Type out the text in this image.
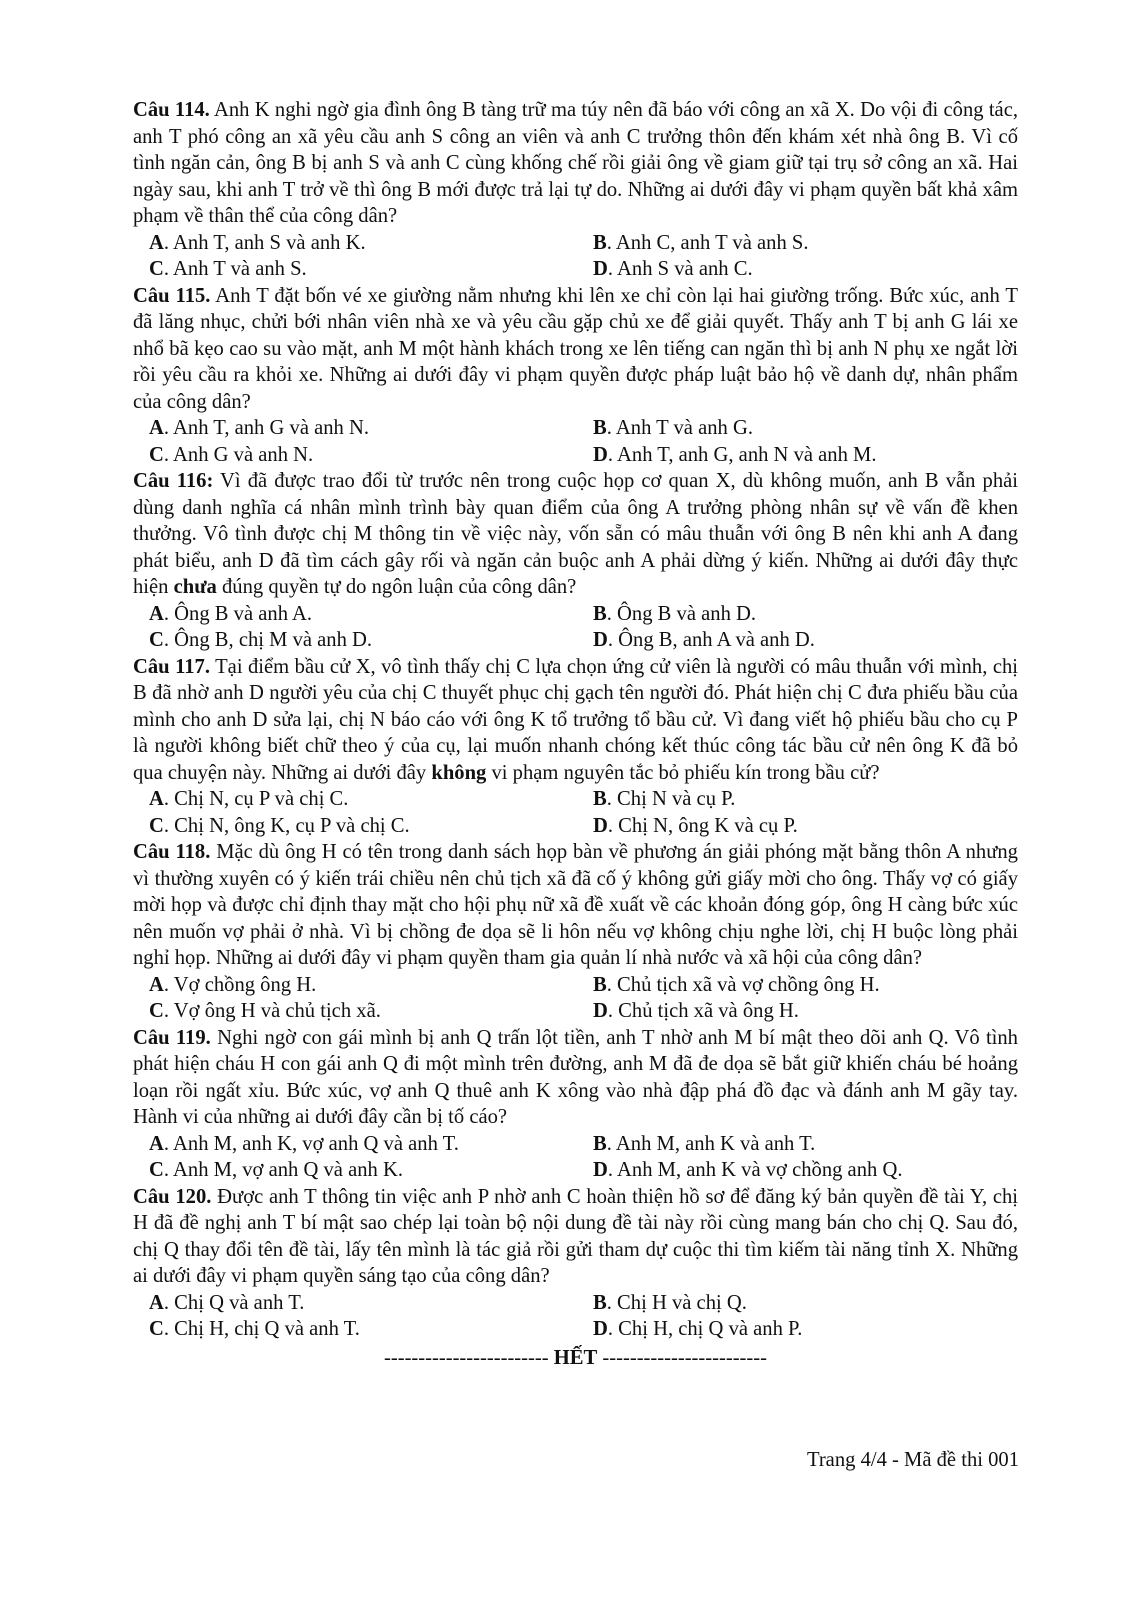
Câu 114. Anh K nghi ngờ gia đình ông B tàng trữ ma túy nên đã báo với công an xã X. Do vội đi công tác, anh T phó công an xã yêu cầu anh S công an viên và anh C trưởng thôn đến khám xét nhà ông B. Vì cố tình ngăn cản, ông B bị anh S và anh C cùng khống chế rồi giải ông về giam giữ tại trụ sở công an xã. Hai ngày sau, khi anh T trở về thì ông B mới được trả lại tự do. Những ai dưới đây vi phạm quyền bất khả xâm phạm về thân thể của công dân?

A. Anh T, anh S và anh K.	B. Anh C, anh T và anh S.

C. Anh T và anh S.	D. Anh S và anh C.

Câu 115. Anh T đặt bốn vé xe giường nằm nhưng khi lên xe chỉ còn lại hai giường trống. Bức xúc, anh T đã lăng nhục, chửi bới nhân viên nhà xe và yêu cầu gặp chủ xe để giải quyết. Thấy anh T bị anh G lái xe nhổ bã kẹo cao su vào mặt, anh M một hành khách trong xe lên tiếng can ngăn thì bị anh N phụ xe ngắt lời rồi yêu cầu ra khỏi xe. Những ai dưới đây vi phạm quyền được pháp luật bảo hộ về danh dự, nhân phẩm của công dân?

A. Anh T, anh G và anh N.	B. Anh T và anh G.

C. Anh G và anh N.	D. Anh T, anh G, anh N và anh M.

Câu 116: Vì đã được trao đổi từ trước nên trong cuộc họp cơ quan X, dù không muốn, anh B vẫn phải dùng danh nghĩa cá nhân mình trình bày quan điểm của ông A trưởng phòng nhân sự về vấn đề khen thưởng. Vô tình được chị M thông tin về việc này, vốn sẵn có mâu thuẫn với ông B nên khi anh A đang phát biểu, anh D đã tìm cách gây rối và ngăn cản buộc anh A phải dừng ý kiến. Những ai dưới đây thực hiện chưa đúng quyền tự do ngôn luận của công dân?

A. Ông B và anh A.	B. Ông B và anh D.

C. Ông B, chị M và anh D.	D. Ông B, anh A và anh D.

Câu 117. Tại điểm bầu cử X, vô tình thấy chị C lựa chọn ứng cử viên là người có mâu thuẫn với mình, chị B đã nhờ anh D người yêu của chị C thuyết phục chị gạch tên người đó. Phát hiện chị C đưa phiếu bầu của mình cho anh D sửa lại, chị N báo cáo với ông K tổ trưởng tổ bầu cử. Vì đang viết hộ phiếu bầu cho cụ P là người không biết chữ theo ý của cụ, lại muốn nhanh chóng kết thúc công tác bầu cử nên ông K đã bỏ qua chuyện này. Những ai dưới đây không vi phạm nguyên tắc bỏ phiếu kín trong bầu cử?

A. Chị N, cụ P và chị C.	B. Chị N và cụ P.

C. Chị N, ông K, cụ P và chị C.	D. Chị N, ông K và cụ P.

Câu 118. Mặc dù ông H có tên trong danh sách họp bàn về phương án giải phóng mặt bằng thôn A nhưng vì thường xuyên có ý kiến trái chiều nên chủ tịch xã đã cố ý không gửi giấy mời cho ông. Thấy vợ có giấy mời họp và được chỉ định thay mặt cho hội phụ nữ xã đề xuất về các khoản đóng góp, ông H càng bức xúc nên muốn vợ phải ở nhà. Vì bị chồng đe dọa sẽ li hôn nếu vợ không chịu nghe lời, chị H buộc lòng phải nghỉ họp. Những ai dưới đây vi phạm quyền tham gia quản lí nhà nước và xã hội của công dân?

A. Vợ chồng ông H.	B. Chủ tịch xã và vợ chồng ông H.

C. Vợ ông H và chủ tịch xã.	D. Chủ tịch xã và ông H.

Câu 119. Nghi ngờ con gái mình bị anh Q trấn lột tiền, anh T nhờ anh M bí mật theo dõi anh Q. Vô tình phát hiện cháu H con gái anh Q đi một mình trên đường, anh M đã đe dọa sẽ bắt giữ khiến cháu bé hoảng loạn rồi ngất xỉu. Bức xúc, vợ anh Q thuê anh K xông vào nhà đập phá đồ đạc và đánh anh M gãy tay. Hành vi của những ai dưới đây cần bị tố cáo?

A. Anh M, anh K, vợ anh Q và anh T.	B. Anh M, anh K và anh T.

C. Anh M, vợ anh Q và anh K.	D. Anh M, anh K và vợ chồng anh Q.

Câu 120. Được anh T thông tin việc anh P nhờ anh C hoàn thiện hồ sơ để đăng ký bản quyền đề tài Y, chị H đã đề nghị anh T bí mật sao chép lại toàn bộ nội dung đề tài này rồi cùng mang bán cho chị Q. Sau đó, chị Q thay đổi tên đề tài, lấy tên mình là tác giả rồi gửi tham dự cuộc thi tìm kiếm tài năng tỉnh X. Những ai dưới đây vi phạm quyền sáng tạo của công dân?

A. Chị Q và anh T.	B. Chị H và chị Q.

C. Chị H, chị Q và anh T.	D. Chị H, chị Q và anh P.

------------------------ HẾT ------------------------
Trang 4/4 - Mã đề thi 001
